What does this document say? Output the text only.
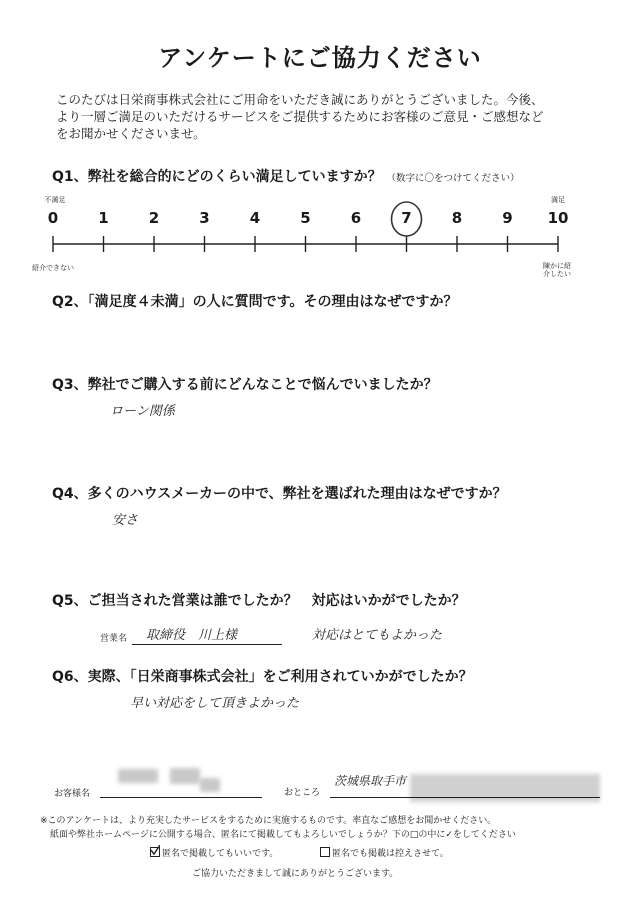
アンケートにご協力ください
このたびは日栄商事株式会社にご用命をいただき誠にありがとうございました。今後、
より一層ご満足のいただけるサービスをご提供するためにお客様のご意見・ご感想など
をお聞かせくださいませ。
Q1、弊社を総合的にどのくらい満足していますか？ （数字に〇をつけてください）
不満足	満足
0	1	2	3	4	5	6	7	8	9	10
紹介できない	陳かに紹介したい
Q2、「満足度４未満」の人に質問です。その理由はなぜですか？
Q3、弊社でご購入する前にどんなことで悩んでいましたか？
ローン関係
Q4、多くのハウスメーカーの中で、弊社を選ばれた理由はなぜですか？
安さ
Q5、ご担当された営業は誰でしたか？　対応はいかがでしたか？
営業名 取締役　川上様	対応はとてもよかった
Q6、実際、「日栄商事株式会社」をご利用されていかがでしたか？
早い対応をして頂きよかった
お客様名	おところ
茨城県取手市
※このアンケートは、より充実したサービスをするために実施するものです。率直なご感想をお聞かせください。
紙面や弊社ホームページに公開する場合、匿名にて掲載してもよろしいでしょうか？下の□の中に✓をしてください
匿名で掲載してもいいです。	匿名でも掲載は控えさせて。
ご協力いただきまして誠にありがとうございます。
